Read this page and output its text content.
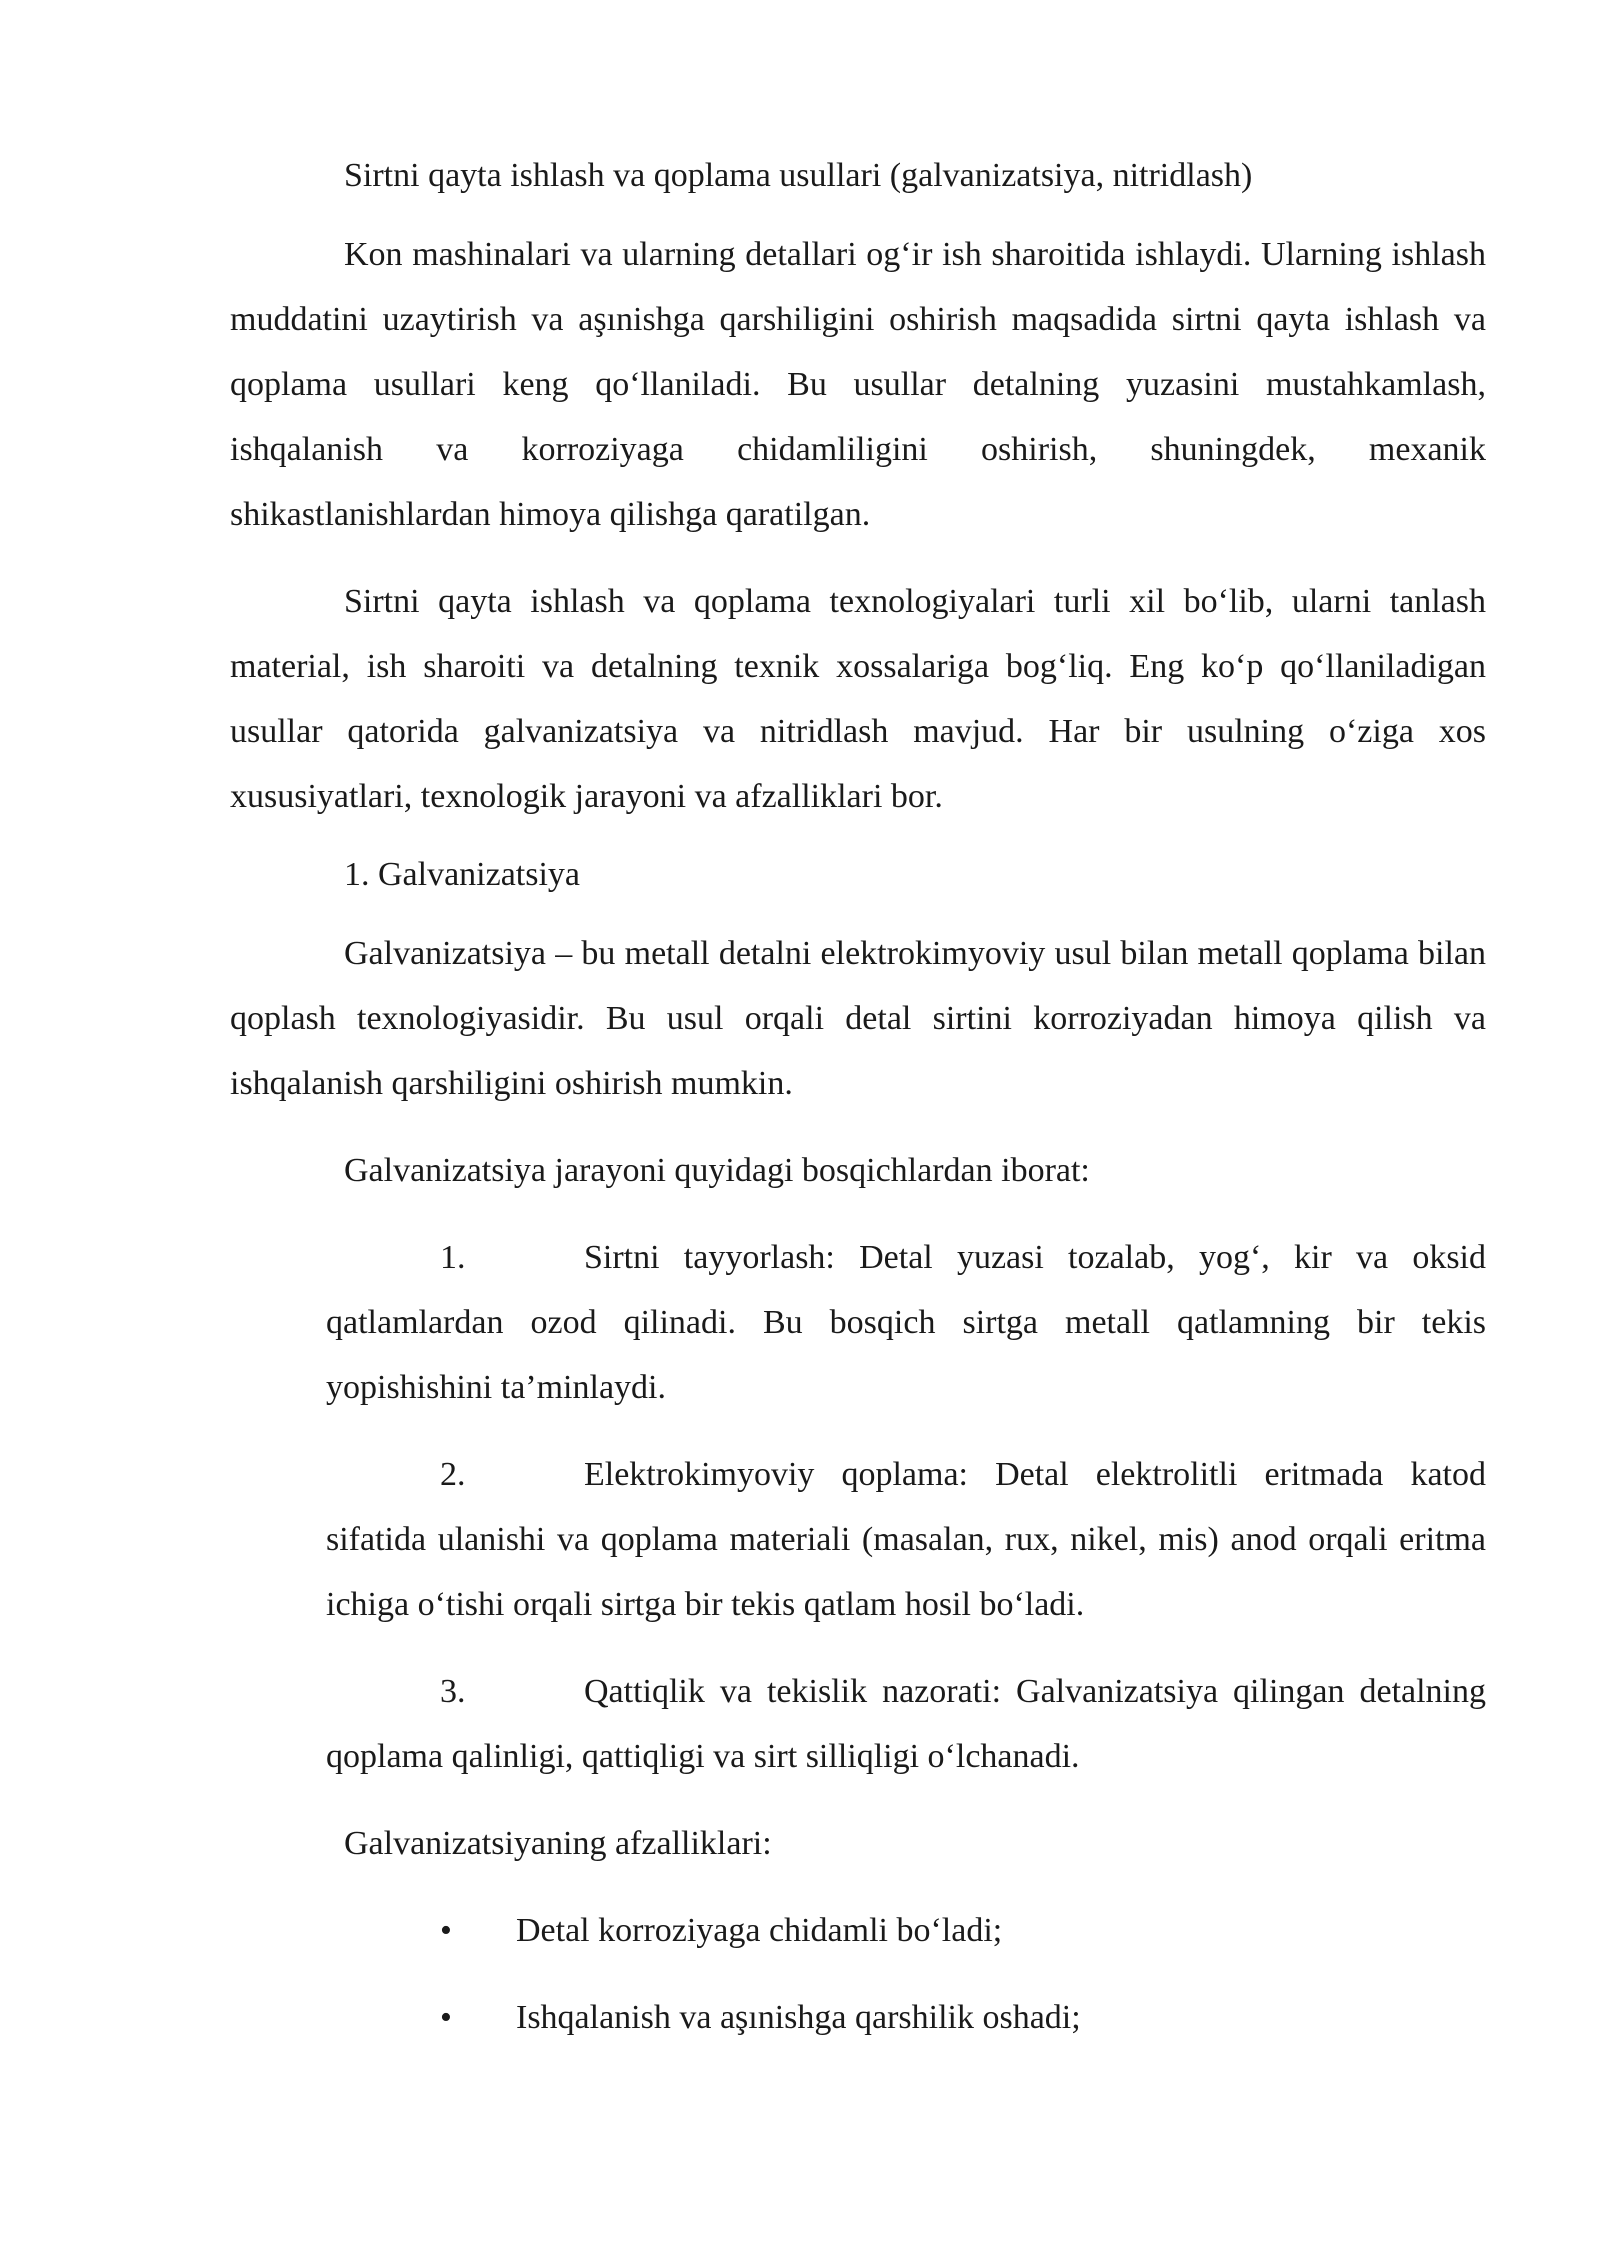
Sirtni qayta ishlash va qoplama usullari (galvanizatsiya, nitridlash)

Kon mashinalari va ularning detallari og‘ir ish sharoitida ishlaydi. Ularning ishlash muddatini uzaytirish va aşınishga qarshiligini oshirish maqsadida sirtni qayta ishlash va qoplama usullari keng qo‘llaniladi. Bu usullar detalning yuzasini mustahkamlash, ishqalanish va korroziyaga chidamliligini oshirish, shuningdek, mexanik shikastlanishlardan himoya qilishga qaratilgan.

Sirtni qayta ishlash va qoplama texnologiyalari turli xil bo‘lib, ularni tanlash material, ish sharoiti va detalning texnik xossalariga bog‘liq. Eng ko‘p qo‘llaniladigan usullar qatorida galvanizatsiya va nitridlash mavjud. Har bir usulning o‘ziga xos xususiyatlari, texnologik jarayoni va afzalliklari bor.

1. Galvanizatsiya

Galvanizatsiya – bu metall detalni elektrokimyoviy usul bilan metall qoplama bilan qoplash texnologiyasidir. Bu usul orqali detal sirtini korroziyadan himoya qilish va ishqalanish qarshiligini oshirish mumkin.

Galvanizatsiya jarayoni quyidagi bosqichlardan iborat:

1.	Sirtni tayyorlash: Detal yuzasi tozalab, yog‘, kir va oksid qatlamlardan ozod qilinadi. Bu bosqich sirtga metall qatlamning bir tekis yopishishini ta’minlaydi.
2.	Elektrokimyoviy qoplama: Detal elektrolitli eritmada katod sifatida ulanishi va qoplama materiali (masalan, rux, nikel, mis) anod orqali eritma ichiga o‘tishi orqali sirtga bir tekis qatlam hosil bo‘ladi.
3.	Qattiqlik va tekislik nazorati: Galvanizatsiya qilingan detalning qoplama qalinligi, qattiqligi va sirt silliqligi o‘lchanadi.

Galvanizatsiyaning afzalliklari:

• Detal korroziyaga chidamli bo‘ladi;
• Ishqalanish va aşınishga qarshilik oshadi;
